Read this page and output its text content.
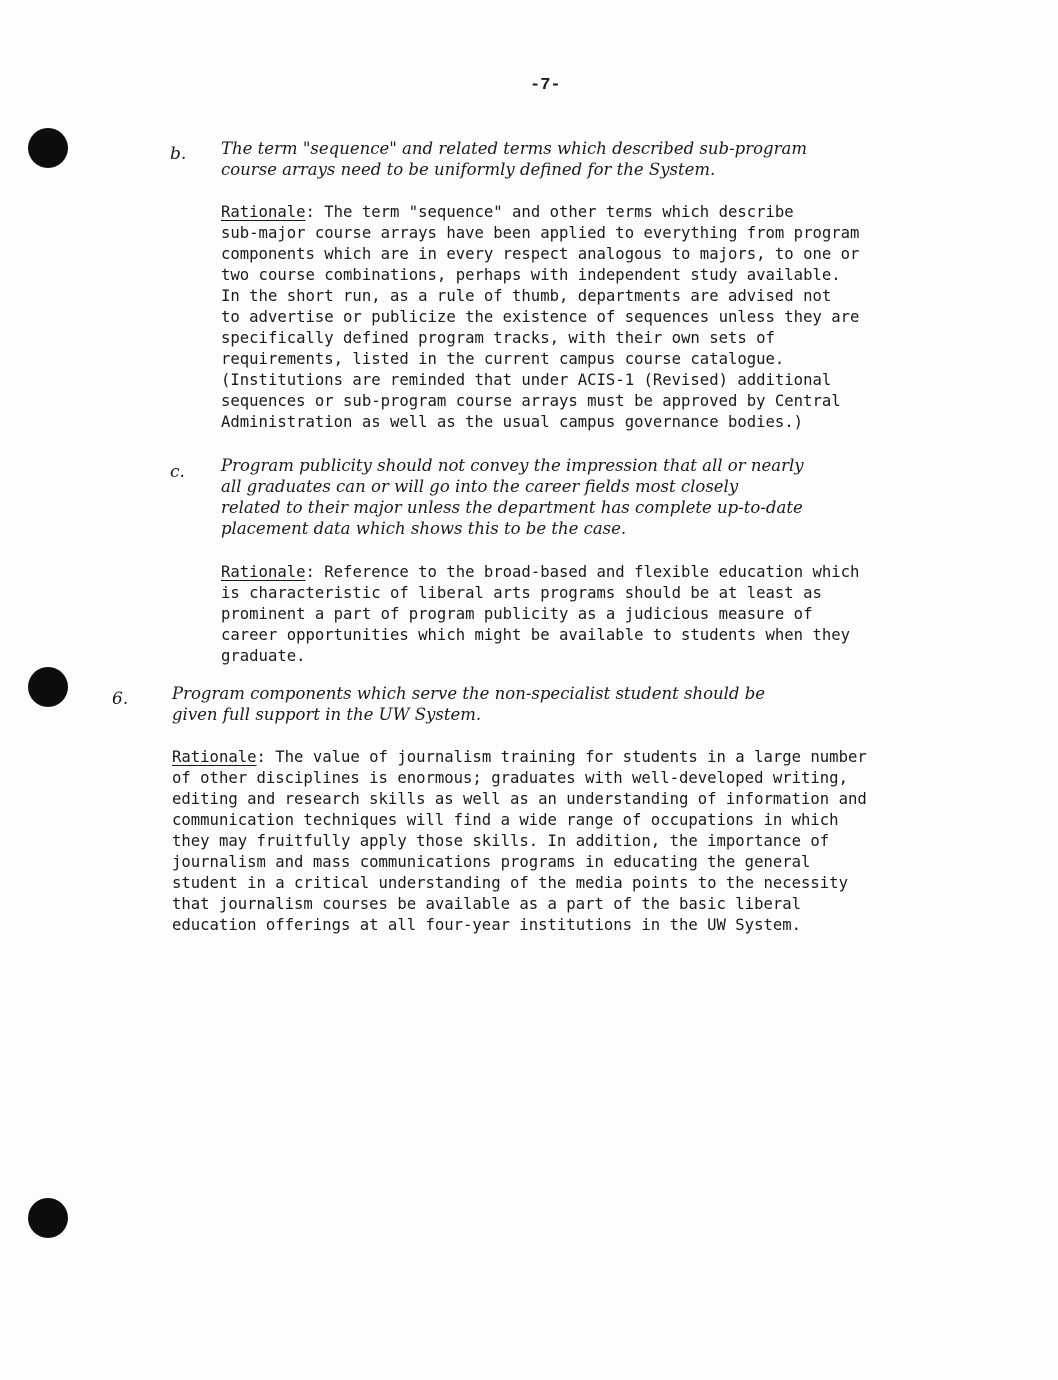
-7-
b. The term "sequence" and related terms which described sub-program
course arrays need to be uniformly defined for the System.

Rationale: The term "sequence" and other terms which describe
sub-major course arrays have been applied to everything from program
components which are in every respect analogous to majors, to one or
two course combinations, perhaps with independent study available.
In the short run, as a rule of thumb, departments are advised not
to advertise or publicize the existence of sequences unless they are
specifically defined program tracks, with their own sets of
requirements, listed in the current campus course catalogue.
(Institutions are reminded that under ACIS-1 (Revised) additional
sequences or sub-program course arrays must be approved by Central
Administration as well as the usual campus governance bodies.)

c. Program publicity should not convey the impression that all or nearly
all graduates can or will go into the career fields most closely
related to their major unless the department has complete up-to-date
placement data which shows this to be the case.

Rationale: Reference to the broad-based and flexible education which
is characteristic of liberal arts programs should be at least as
prominent a part of program publicity as a judicious measure of
career opportunities which might be available to students when they
graduate.

6.	Program components which serve the non-specialist student should be
given full support in the UW System.

Rationale: The value of journalism training for students in a large number
of other disciplines is enormous; graduates with well-developed writing,
editing and research skills as well as an understanding of information and
communication techniques will find a wide range of occupations in which
they may fruitfully apply those skills. In addition, the importance of
journalism and mass communications programs in educating the general
student in a critical understanding of the media points to the necessity
that journalism courses be available as a part of the basic liberal
education offerings at all four-year institutions in the UW System.
